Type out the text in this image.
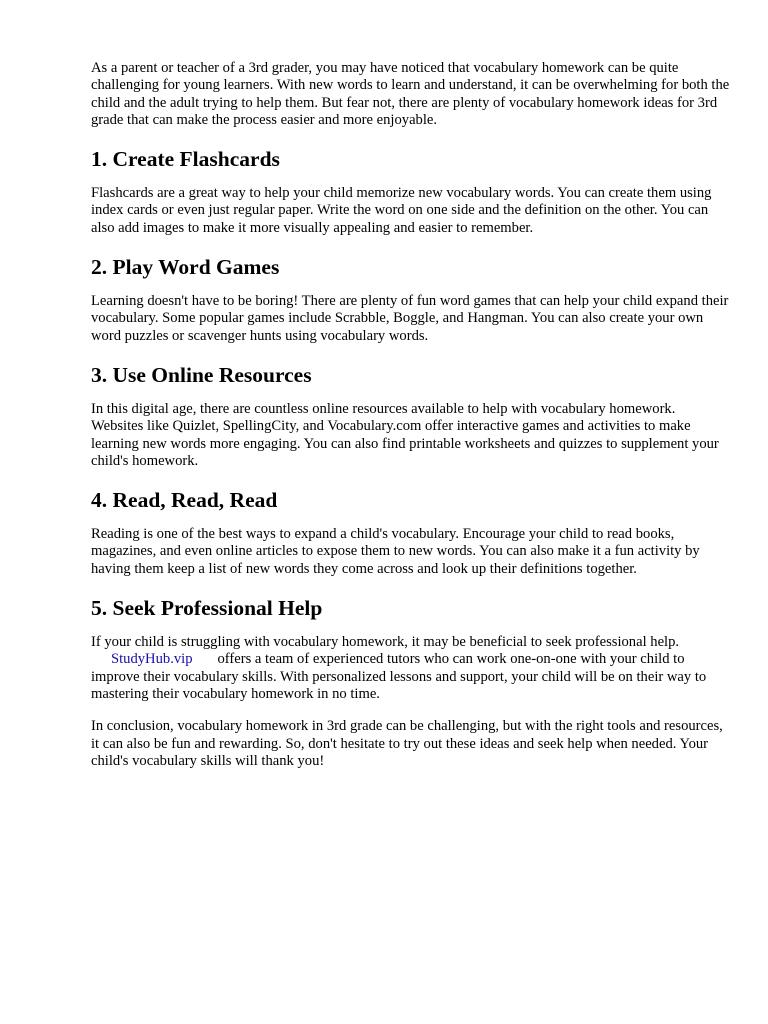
As a parent or teacher of a 3rd grader, you may have noticed that vocabulary homework can be quite challenging for young learners. With new words to learn and understand, it can be overwhelming for both the child and the adult trying to help them. But fear not, there are plenty of vocabulary homework ideas for 3rd grade that can make the process easier and more enjoyable.

1. Create Flashcards

Flashcards are a great way to help your child memorize new vocabulary words. You can create them using index cards or even just regular paper. Write the word on one side and the definition on the other. You can also add images to make it more visually appealing and easier to remember.

2. Play Word Games

Learning doesn't have to be boring! There are plenty of fun word games that can help your child expand their vocabulary. Some popular games include Scrabble, Boggle, and Hangman. You can also create your own word puzzles or scavenger hunts using vocabulary words.

3. Use Online Resources

In this digital age, there are countless online resources available to help with vocabulary homework. Websites like Quizlet, SpellingCity, and Vocabulary.com offer interactive games and activities to make learning new words more engaging. You can also find printable worksheets and quizzes to supplement your child's homework.

4. Read, Read, Read

Reading is one of the best ways to expand a child's vocabulary. Encourage your child to read books, magazines, and even online articles to expose them to new words. You can also make it a fun activity by having them keep a list of new words they come across and look up their definitions together.

5. Seek Professional Help

If your child is struggling with vocabulary homework, it may be beneficial to seek professional help.
StudyHub.vip offers a team of experienced tutors who can work one-on-one with your child to improve their vocabulary skills. With personalized lessons and support, your child will be on their way to mastering their vocabulary homework in no time.

In conclusion, vocabulary homework in 3rd grade can be challenging, but with the right tools and resources, it can also be fun and rewarding. So, don't hesitate to try out these ideas and seek help when needed. Your child's vocabulary skills will thank you!
